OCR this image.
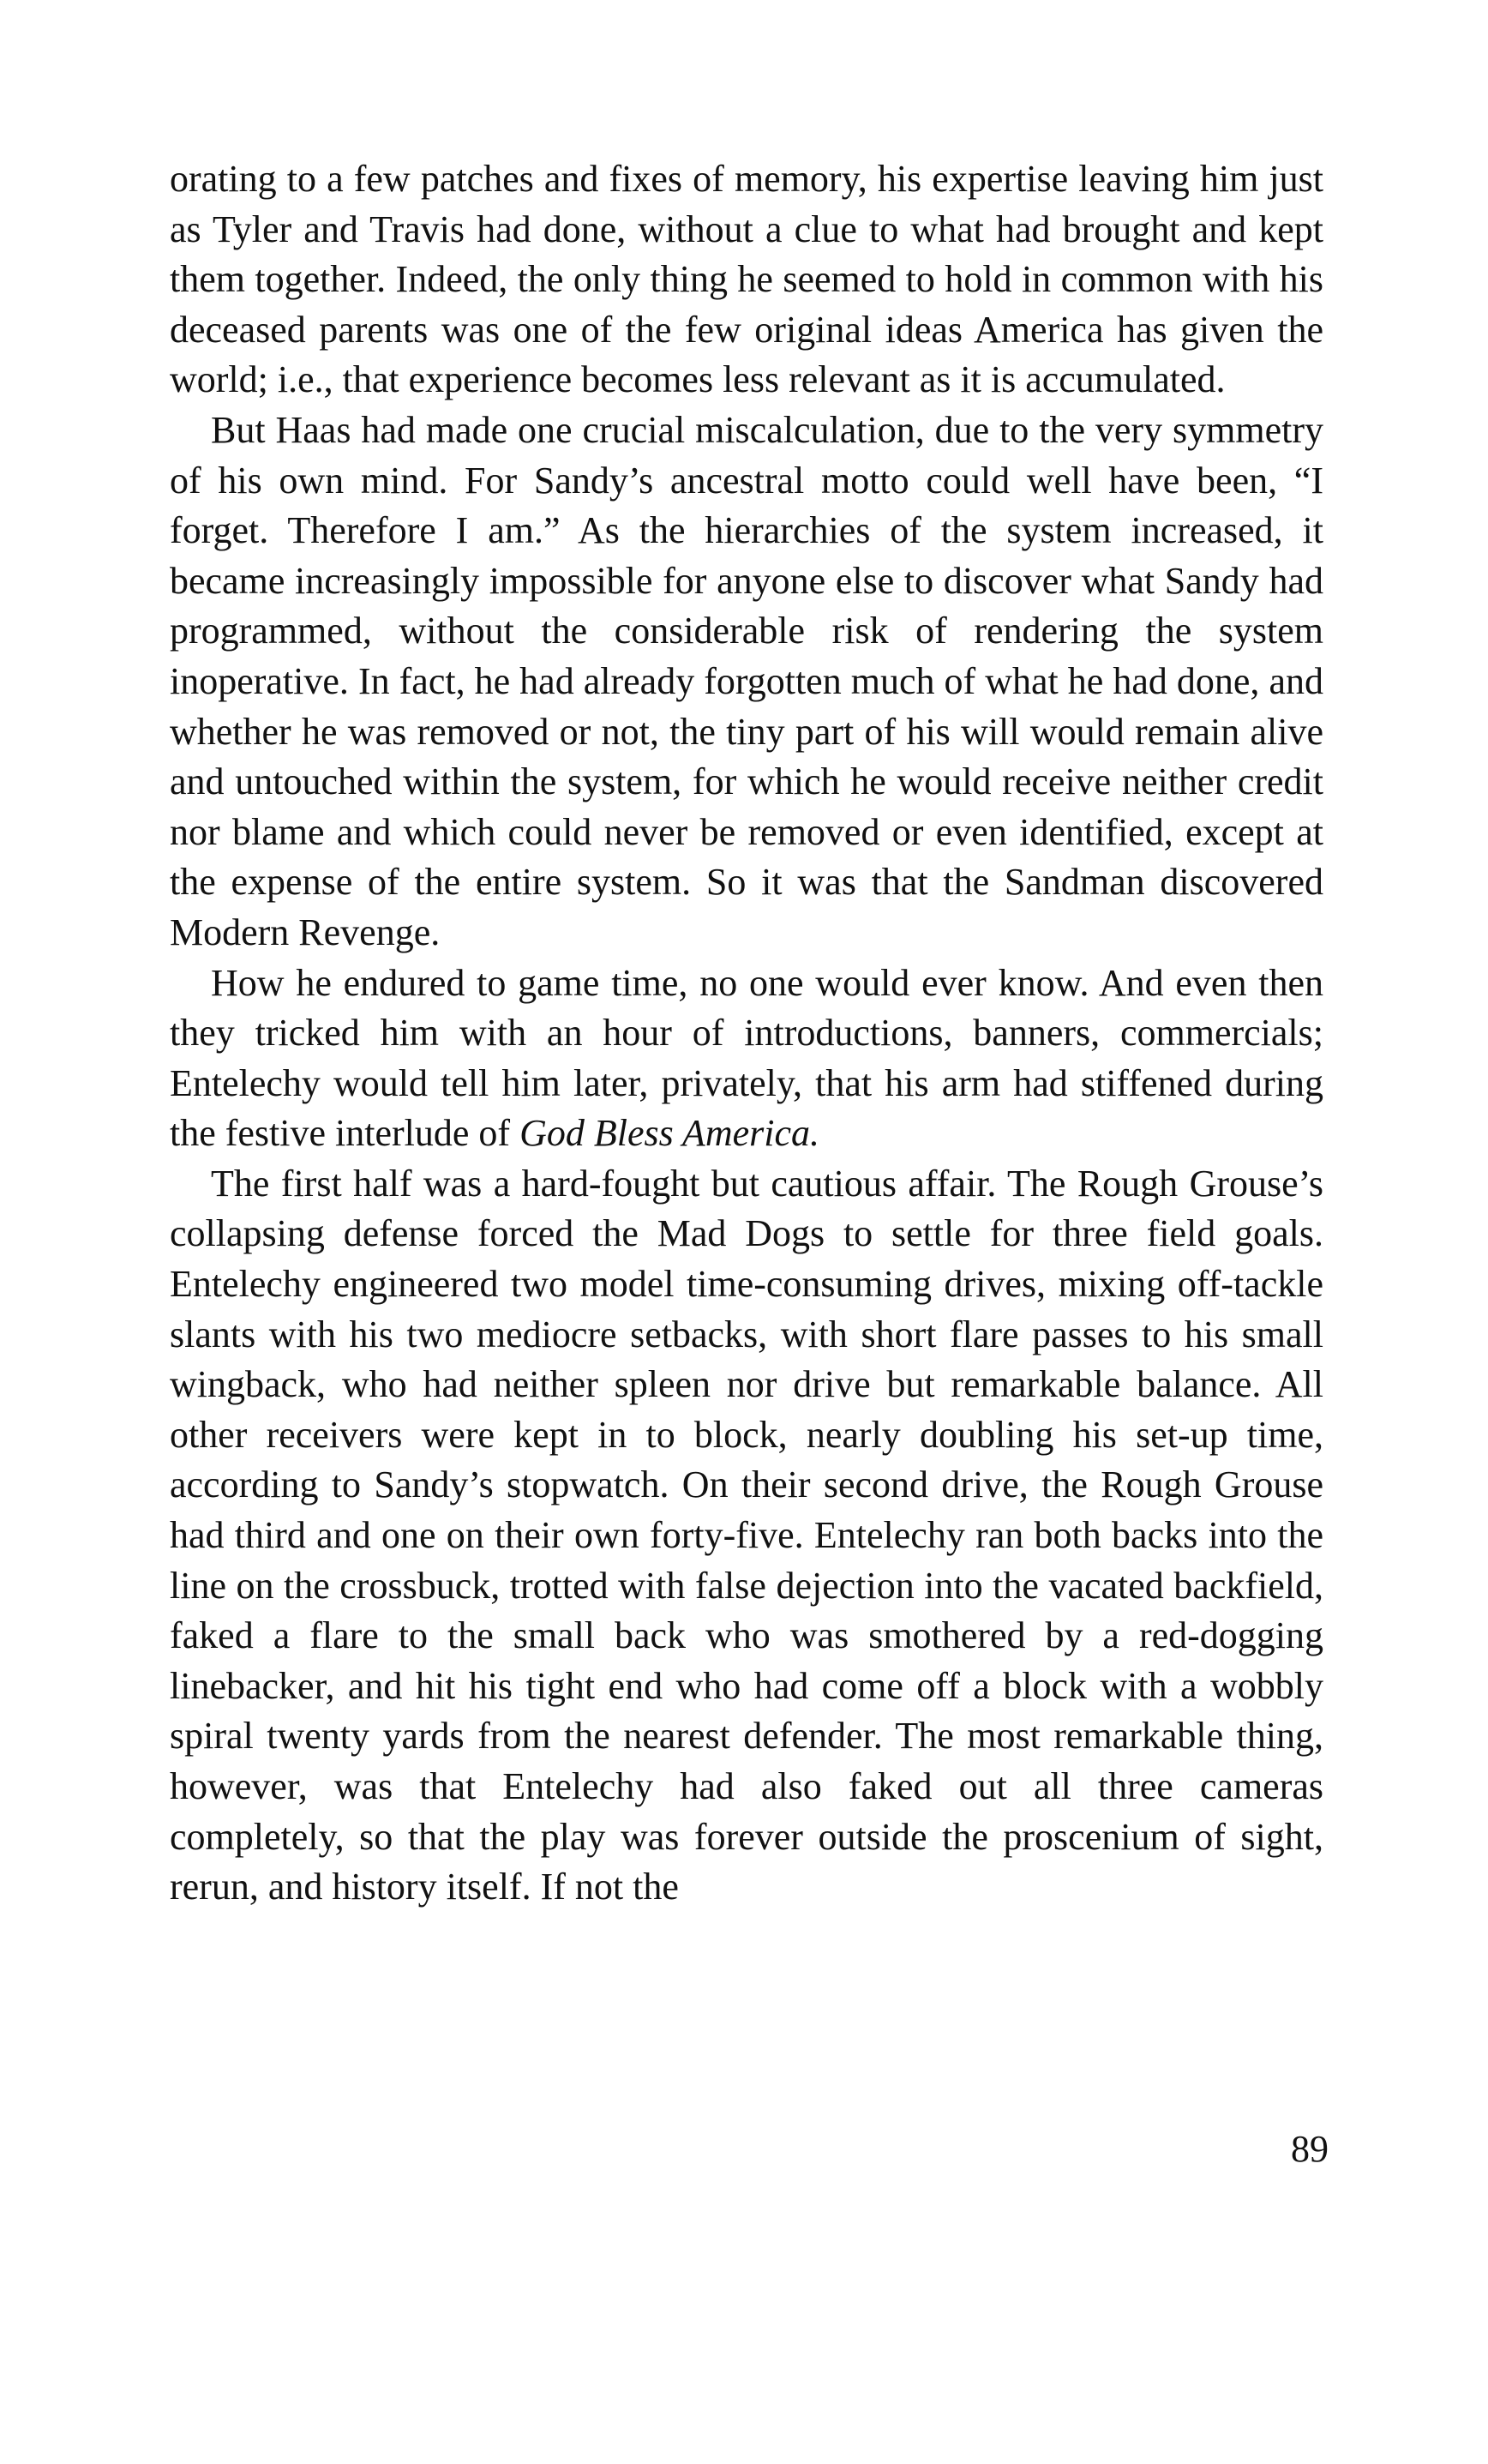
orating to a few patches and fixes of memory, his expertise leaving him just as Tyler and Travis had done, without a clue to what had brought and kept them together. Indeed, the only thing he seemed to hold in common with his deceased parents was one of the few original ideas America has given the world; i.e., that experience becomes less relevant as it is accumulated.

But Haas had made one crucial miscalculation, due to the very symmetry of his own mind. For Sandy’s ancestral motto could well have been, “I forget. Therefore I am.” As the hierarchies of the system increased, it became increasingly impossible for anyone else to discover what Sandy had programmed, without the considerable risk of rendering the system inoperative. In fact, he had already forgotten much of what he had done, and whether he was removed or not, the tiny part of his will would remain alive and untouched within the system, for which he would receive neither credit nor blame and which could never be removed or even identified, except at the expense of the entire system. So it was that the Sandman discovered Modern Revenge.

How he endured to game time, no one would ever know. And even then they tricked him with an hour of introductions, banners, commercials; Entelechy would tell him later, privately, that his arm had stiffened during the festive interlude of God Bless America.

The first half was a hard-fought but cautious affair. The Rough Grouse’s collapsing defense forced the Mad Dogs to settle for three field goals. Entelechy engineered two model time-consuming drives, mixing off-tackle slants with his two mediocre setbacks, with short flare passes to his small wingback, who had neither spleen nor drive but remarkable balance. All other receivers were kept in to block, nearly doubling his set-up time, according to Sandy’s stopwatch. On their second drive, the Rough Grouse had third and one on their own forty-five. Entelechy ran both backs into the line on the crossbuck, trotted with false dejection into the vacated backfield, faked a flare to the small back who was smothered by a red-dogging linebacker, and hit his tight end who had come off a block with a wobbly spiral twenty yards from the nearest defender. The most remarkable thing, however, was that Entelechy had also faked out all three cameras completely, so that the play was forever outside the proscenium of sight, rerun, and history itself. If not the

89
